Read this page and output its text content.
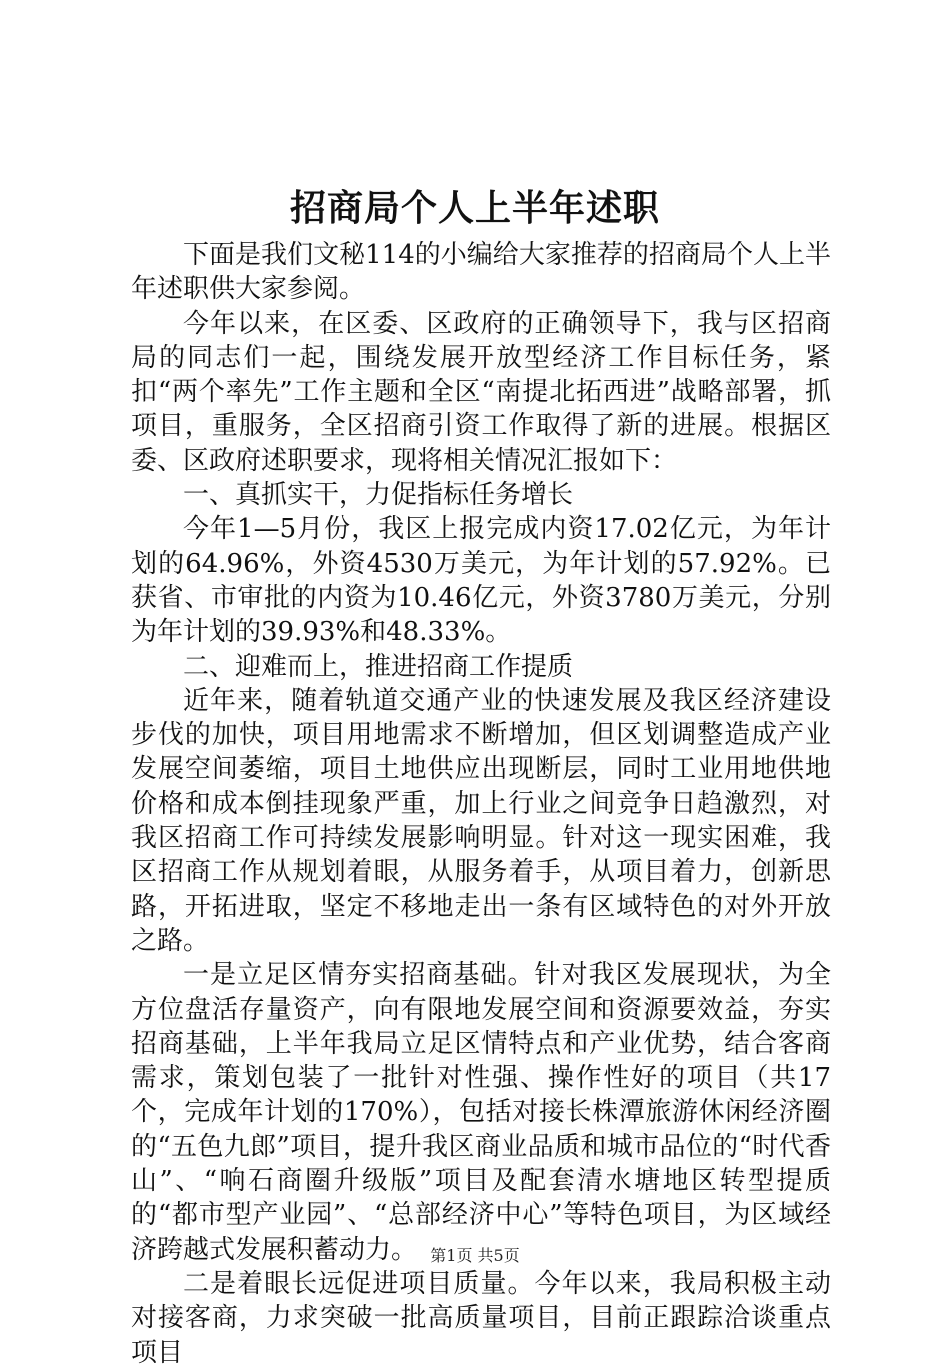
招商局个人上半年述职

下面是我们文秘114的小编给大家推荐的招商局个人上半年述职供大家参阅。

今年以来，在区委、区政府的正确领导下，我与区招商局的同志们一起，围绕发展开放型经济工作目标任务，紧扣“两个率先”工作主题和全区“南提北拓西进”战略部署，抓项目，重服务，全区招商引资工作取得了新的进展。根据区委、区政府述职要求，现将相关情况汇报如下：

一、真抓实干，力促指标任务增长

今年1—5月份，我区上报完成内资17.02亿元，为年计划的64.96%，外资4530万美元，为年计划的57.92%。已获省、市审批的内资为10.46亿元，外资3780万美元，分别为年计划的39.93%和48.33%。

二、迎难而上，推进招商工作提质

近年来，随着轨道交通产业的快速发展及我区经济建设步伐的加快，项目用地需求不断增加，但区划调整造成产业发展空间萎缩，项目土地供应出现断层，同时工业用地供地价格和成本倒挂现象严重，加上行业之间竞争日趋激烈，对我区招商工作可持续发展影响明显。针对这一现实困难，我区招商工作从规划着眼，从服务着手，从项目着力，创新思路，开拓进取，坚定不移地走出一条有区域特色的对外开放之路。

一是立足区情夯实招商基础。针对我区发展现状，为全方位盘活存量资产，向有限地发展空间和资源要效益，夯实招商基础，上半年我局立足区情特点和产业优势，结合客商需求，策划包装了一批针对性强、操作性好的项目（共17个，完成年计划的170%），包括对接长株潭旅游休闲经济圈的“五色九郎”项目，提升我区商业品质和城市品位的“时代香山”、“响石商圈升级版”项目及配套清水塘地区转型提质的“都市型产业园”、“总部经济中心”等特色项目，为区域经济跨越式发展积蓄动力。

二是着眼长远促进项目质量。今年以来，我局积极主动对接客商，力求突破一批高质量项目，目前正跟踪洽谈重点项目

第1页 共5页
